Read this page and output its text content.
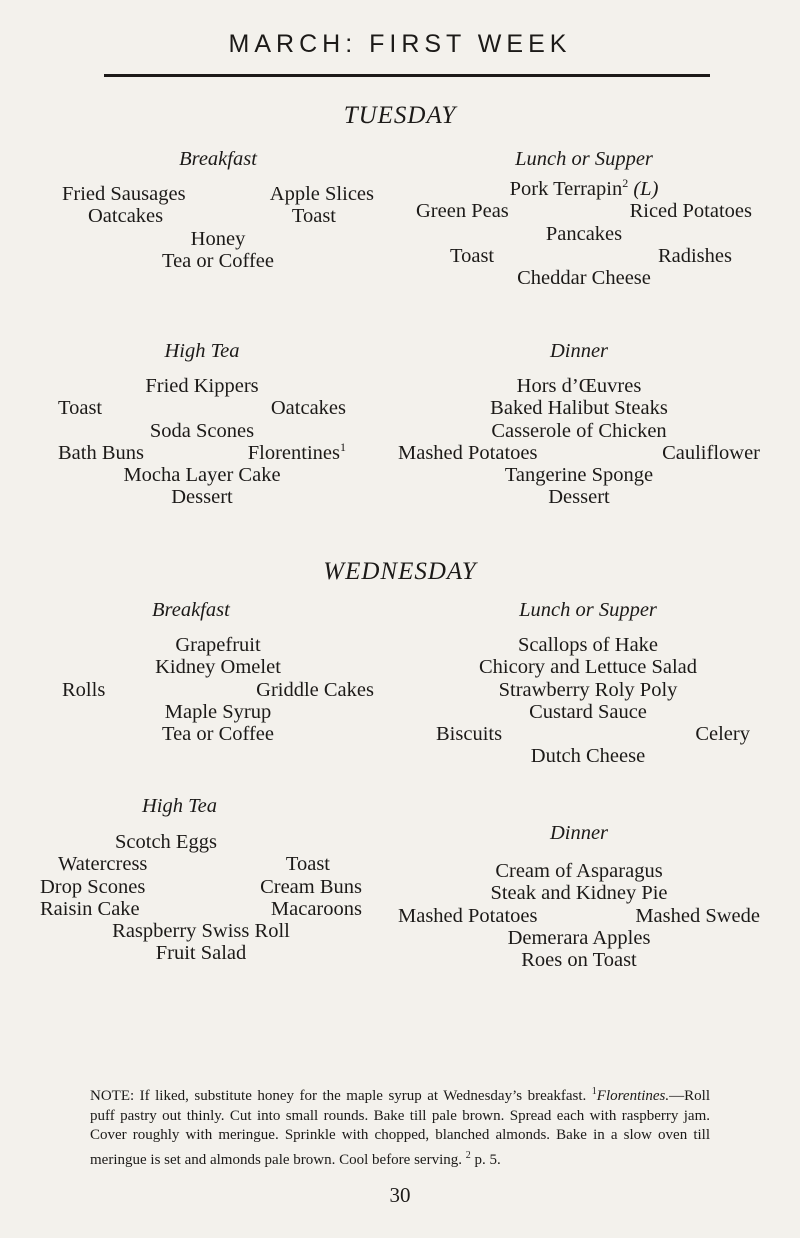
MARCH: FIRST WEEK
TUESDAY
Breakfast
Fried Sausages	Apple Slices
Oatcakes	Toast
Honey
Tea or Coffee
Lunch or Supper
Pork Terrapin$^2$ (L)
Green Peas	Riced Potatoes
Pancakes
Toast	Radishes
Cheddar Cheese
High Tea
Fried Kippers
Toast	Oatcakes
Soda Scones
Bath Buns	Florentines$^1$
Mocha Layer Cake
Dessert
Dinner
Hors d’Œuvres
Baked Halibut Steaks
Casserole of Chicken
Mashed Potatoes	Cauliflower
Tangerine Sponge
Dessert
WEDNESDAY
Breakfast
Grapefruit
Kidney Omelet
Rolls	Griddle Cakes
Maple Syrup
Tea or Coffee
Lunch or Supper
Scallops of Hake
Chicory and Lettuce Salad
Strawberry Roly Poly
Custard Sauce
Biscuits	Celery
Dutch Cheese
High Tea
Scotch Eggs
Watercress	Toast
Drop Scones	Cream Buns
Raisin Cake	Macaroons
Raspberry Swiss Roll
Fruit Salad
Dinner
Cream of Asparagus
Steak and Kidney Pie
Mashed Potatoes	Mashed Swede
Demerara Apples
Roes on Toast
NOTE: If liked, substitute honey for the maple syrup at Wednesday’s breakfast. $^1$Florentines.—Roll puff pastry out thinly. Cut into small rounds. Bake till pale brown. Spread each with raspberry jam. Cover roughly with meringue. Sprinkle with chopped, blanched almonds. Bake in a slow oven till meringue is set and almonds pale brown. Cool before serving. $^2$ p. 5.
30
